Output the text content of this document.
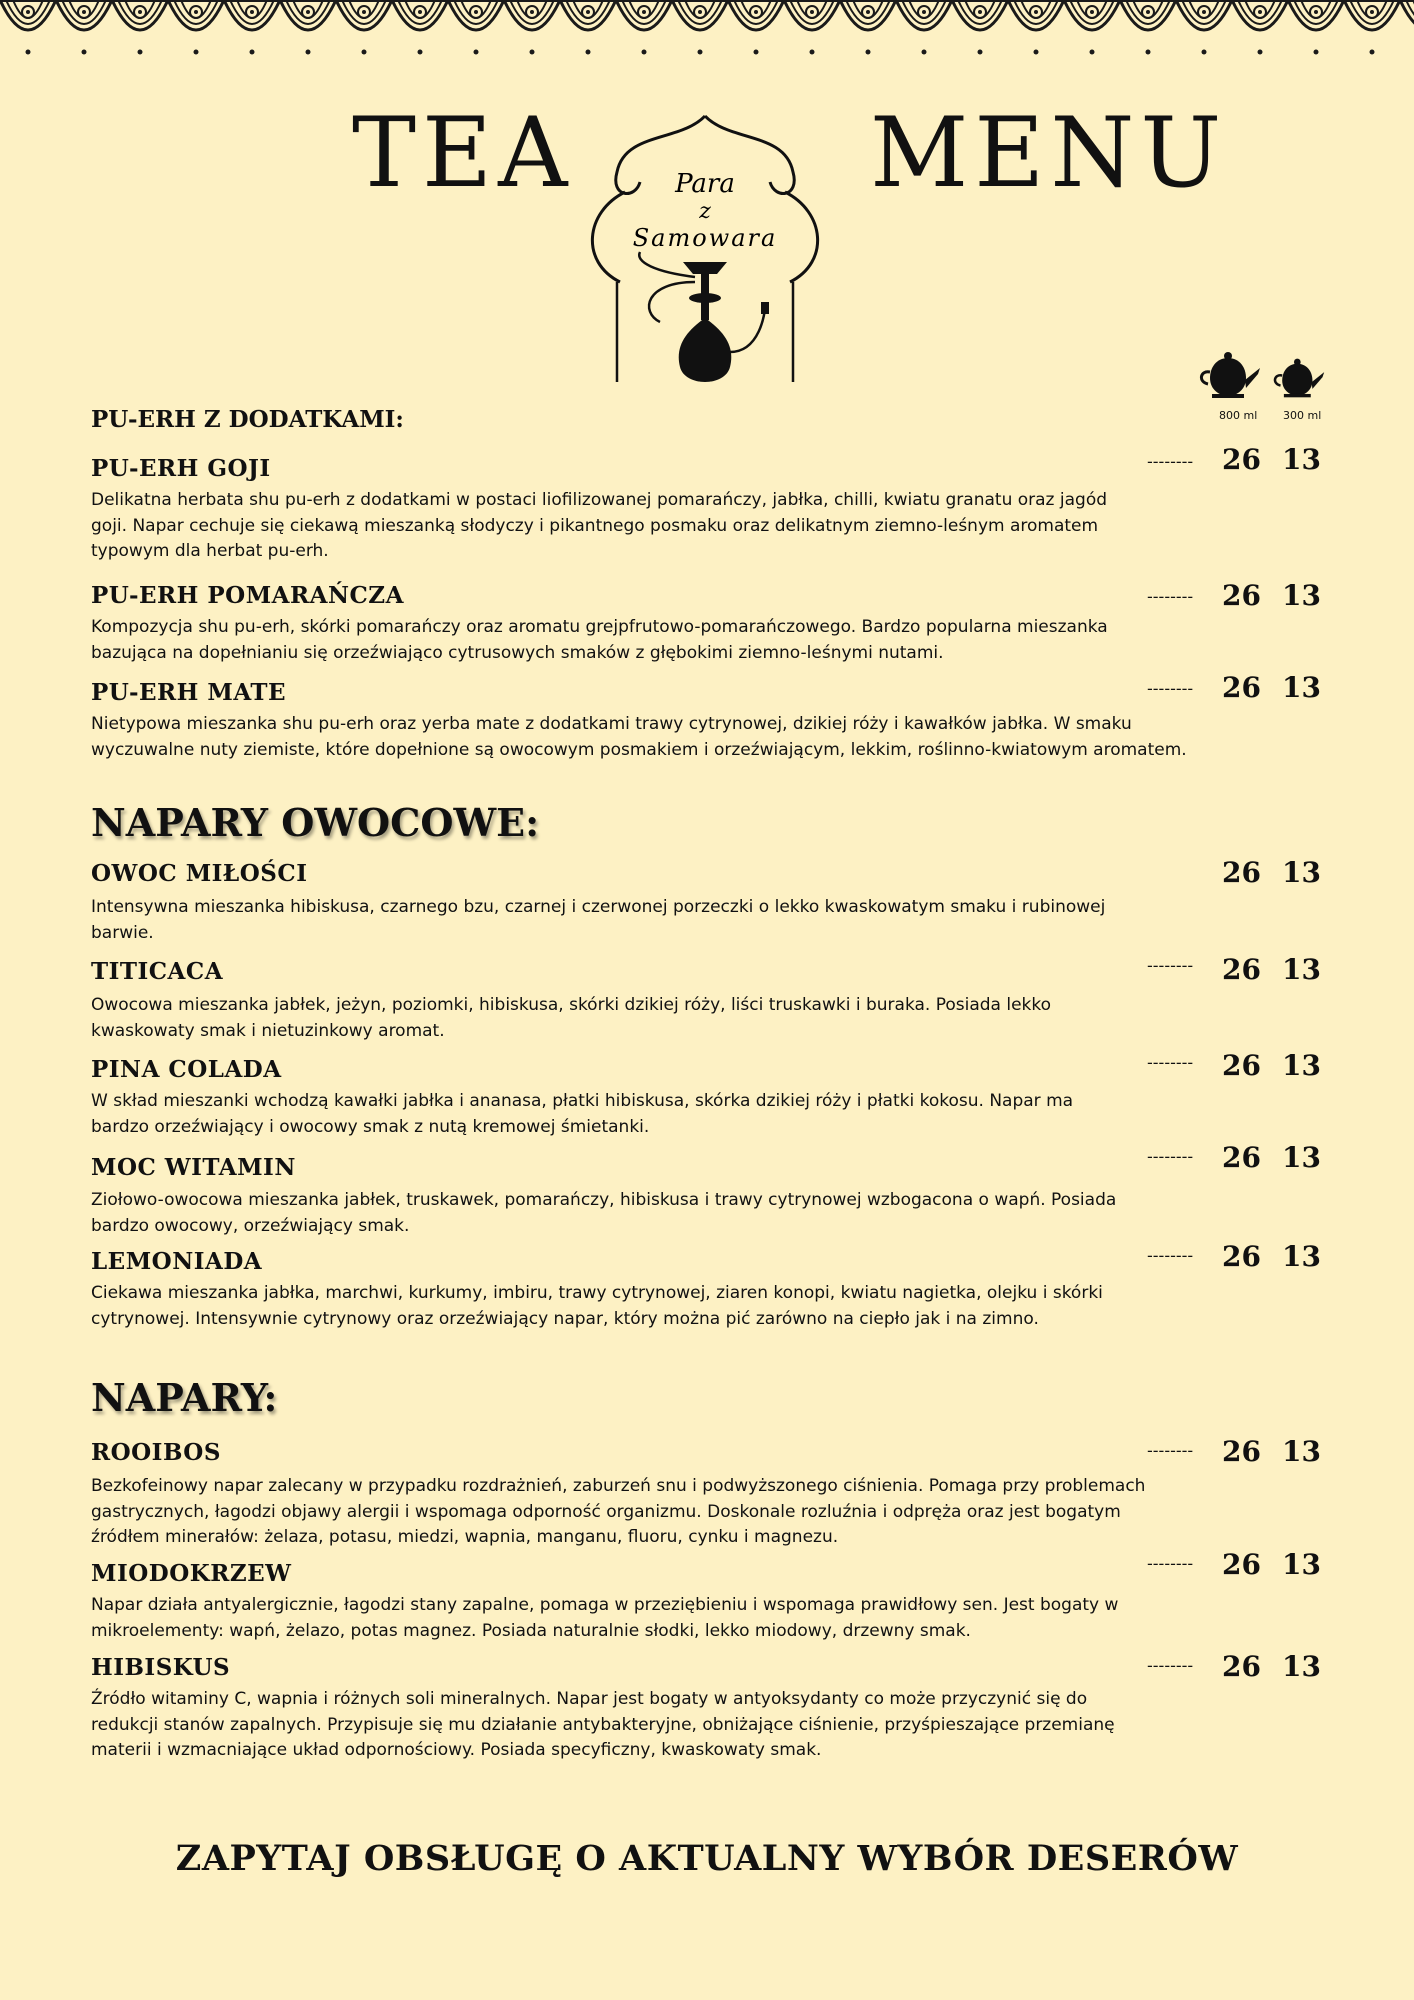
TEA	MENU
Para
z
Samowara
800 ml 300 ml
PU-ERH Z DODATKAMI:
PU-ERH GOJI	-------- 26 13
Delikatna herbata shu pu-erh z dodatkami w postaci liofilizowanej pomarańczy, jabłka, chilli, kwiatu granatu oraz jagód goji. Napar cechuje się ciekawą mieszanką słodyczy i pikantnego posmaku oraz delikatnym ziemno-leśnym aromatem typowym dla herbat pu-erh.
PU-ERH POMARAŃCZA	-------- 26 13
Kompozycja shu pu-erh, skórki pomarańczy oraz aromatu grejpfrutowo-pomarańczowego. Bardzo popularna mieszanka bazująca na dopełnianiu się orzeźwiająco cytrusowych smaków z głębokimi ziemno-leśnymi nutami.
PU-ERH MATE	-------- 26 13
Nietypowa mieszanka shu pu-erh oraz yerba mate z dodatkami trawy cytrynowej, dzikiej róży i kawałków jabłka. W smaku wyczuwalne nuty ziemiste, które dopełnione są owocowym posmakiem i orzeźwiającym, lekkim, roślinno-kwiatowym aromatem.
NAPARY OWOCOWE:
OWOC MIŁOŚCI	26 13
Intensywna mieszanka hibiskusa, czarnego bzu, czarnej i czerwonej porzeczki o lekko kwaskowatym smaku i rubinowej barwie.
TITICACA	-------- 26 13
Owocowa mieszanka jabłek, jeżyn, poziomki, hibiskusa, skórki dzikiej róży, liści truskawki i buraka. Posiada lekko kwaskowaty smak i nietuzinkowy aromat.
PINA COLADA	-------- 26 13
W skład mieszanki wchodzą kawałki jabłka i ananasa, płatki hibiskusa, skórka dzikiej róży i płatki kokosu. Napar ma bardzo orzeźwiający i owocowy smak z nutą kremowej śmietanki.
MOC WITAMIN	-------- 26 13
Ziołowo-owocowa mieszanka jabłek, truskawek, pomarańczy, hibiskusa i trawy cytrynowej wzbogacona o wapń. Posiada bardzo owocowy, orzeźwiający smak.
LEMONIADA	-------- 26 13
Ciekawa mieszanka jabłka, marchwi, kurkumy, imbiru, trawy cytrynowej, ziaren konopi, kwiatu nagietka, olejku i skórki cytrynowej. Intensywnie cytrynowy oraz orzeźwiający napar, który można pić zarówno na ciepło jak i na zimno.
NAPARY:
ROOIBOS	-------- 26 13
Bezkofeinowy napar zalecany w przypadku rozdrażnień, zaburzeń snu i podwyższonego ciśnienia. Pomaga przy problemach gastrycznych, łagodzi objawy alergii i wspomaga odporność organizmu. Doskonale rozluźnia i odpręża oraz jest bogatym źródłem minerałów: żelaza, potasu, miedzi, wapnia, manganu, fluoru, cynku i magnezu.
MIODOKRZEW	-------- 26 13
Napar działa antyalergicznie, łagodzi stany zapalne, pomaga w przeziębieniu i wspomaga prawidłowy sen. Jest bogaty w mikroelementy: wapń, żelazo, potas magnez. Posiada naturalnie słodki, lekko miodowy, drzewny smak.
HIBISKUS	-------- 26 13
Źródło witaminy C, wapnia i różnych soli mineralnych. Napar jest bogaty w antyoksydanty co może przyczynić się do redukcji stanów zapalnych. Przypisuje się mu działanie antybakteryjne, obniżające ciśnienie, przyśpieszające przemianę materii i wzmacniające układ odpornościowy. Posiada specyficzny, kwaskowaty smak.
ZAPYTAJ OBSŁUGĘ O AKTUALNY WYBÓR DESERÓW
